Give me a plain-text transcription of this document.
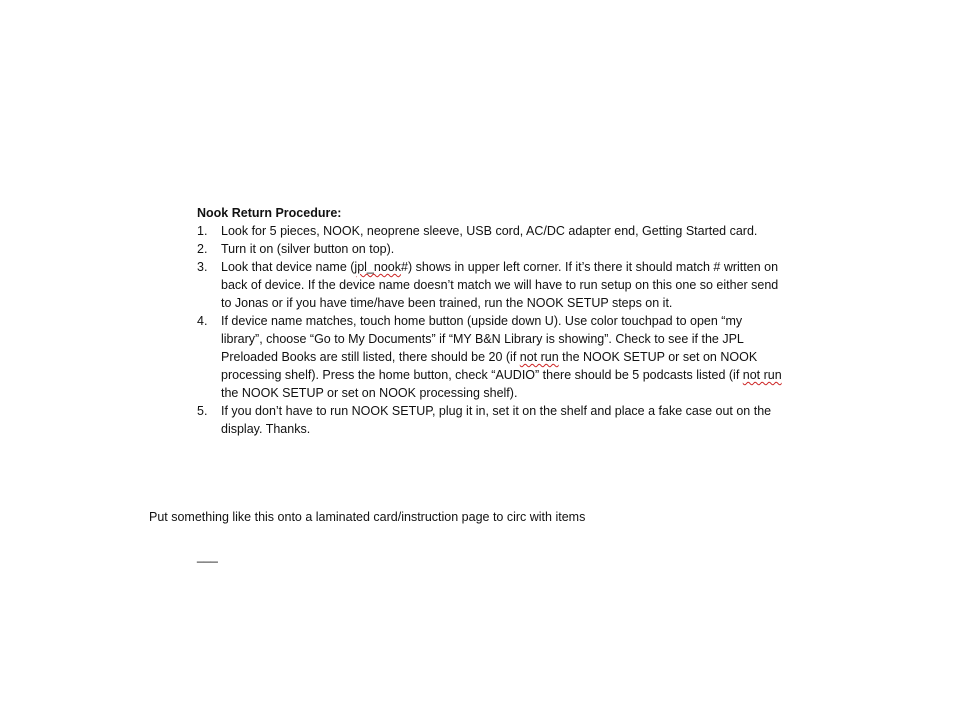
Nook Return Procedure:
1. Look for 5 pieces, NOOK, neoprene sleeve, USB cord, AC/DC adapter end, Getting Started card.
2. Turn it on (silver button on top).
3. Look that device name (jpl_nook#) shows in upper left corner. If it’s there it should match # written on back of device. If the device name doesn’t match we will have to run setup on this one so either send to Jonas or if you have time/have been trained, run the NOOK SETUP steps on it.
4. If device name matches, touch home button (upside down U). Use color touchpad to open “my library”, choose “Go to My Documents” if “MY B&N Library is showing”. Check to see if the JPL Preloaded Books are still listed, there should be 20 (if not run the NOOK SETUP or set on NOOK processing shelf). Press the home button, check “AUDIO” there should be 5 podcasts listed (if not run the NOOK SETUP or set on NOOK processing shelf).
5. If you don’t have to run NOOK SETUP, plug it in, set it on the shelf and place a fake case out on the display. Thanks.
Put something like this onto a laminated card/instruction page to circ with items
___
